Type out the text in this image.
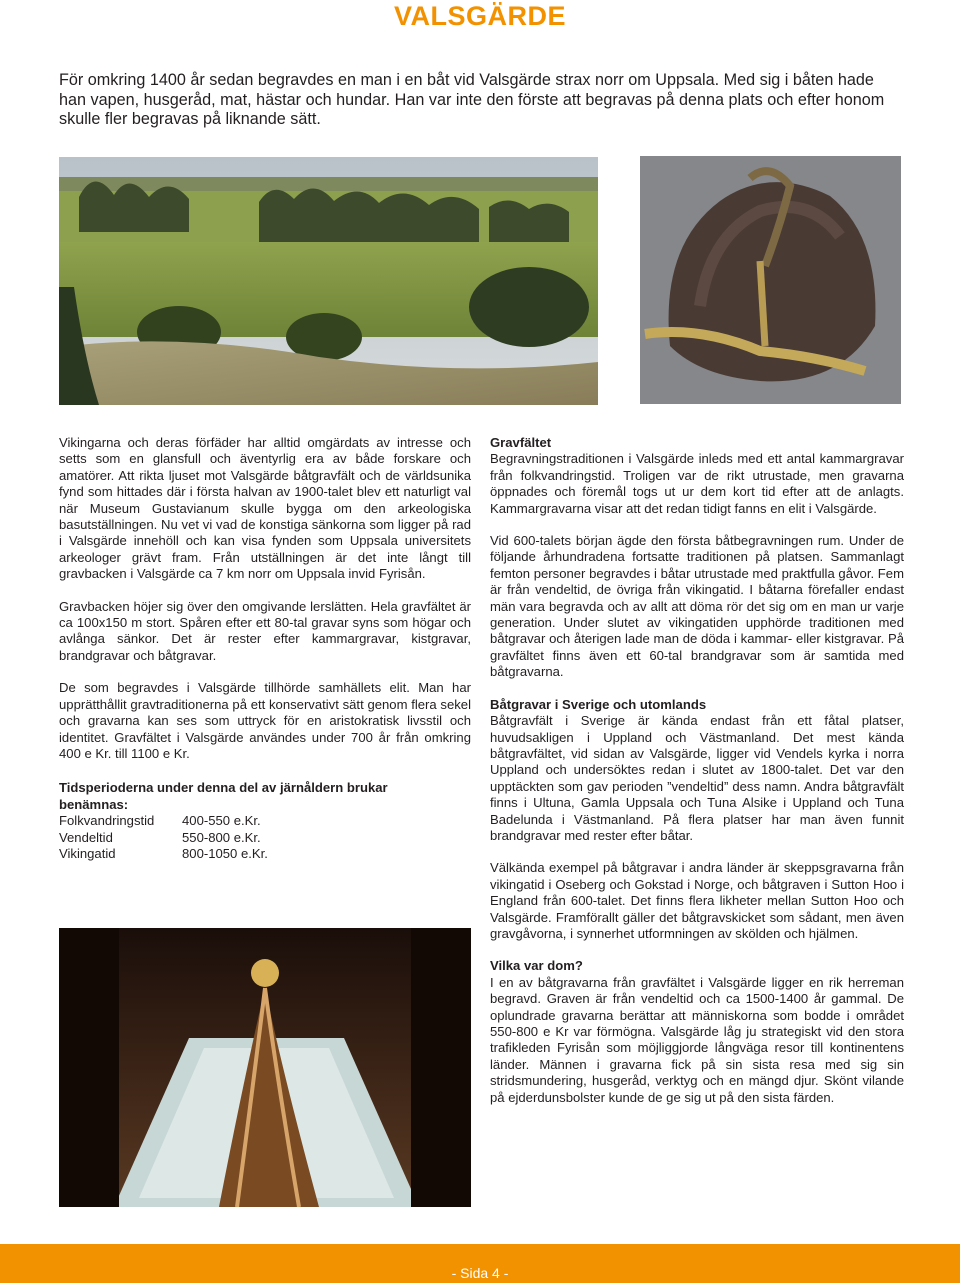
VALSGÄRDE

För omkring 1400 år sedan begravdes en man i en båt vid Valsgärde strax norr om Uppsala. Med sig i båten hade han vapen, husgeråd, mat, hästar och hundar. Han var inte den förste att begravas på denna plats och efter honom skulle fler begravas på liknande sätt.

Vikingarna och deras förfäder har alltid omgärdats av intresse och setts som en glansfull och äventyrlig era av både forskare och amatörer. Att rikta ljuset mot Valsgärde båtgravfält och de världsunika fynd som hittades där i första halvan av 1900-talet blev ett naturligt val när Museum Gustavianum skulle bygga om den arkeologiska basutställningen. Nu vet vi vad de konstiga sänkorna som ligger på rad i Valsgärde innehöll och kan visa fynden som Uppsala universitets arkeologer grävt fram. Från utställningen är det inte långt till gravbacken i Valsgärde ca 7 km norr om Uppsala invid Fyrisån.

Gravbacken höjer sig över den omgivande lerslätten. Hela gravfältet är ca 100x150 m stort. Spåren efter ett 80-tal gravar syns som högar och avlånga sänkor. Det är rester efter kammargravar, kistgravar, brandgravar och båtgravar.

De som begravdes i Valsgärde tillhörde samhällets elit. Man har upprätthållit gravtraditionerna på ett konservativt sätt genom flera sekel och gravarna kan ses som uttryck för en aristokratisk livsstil och identitet. Gravfältet i Valsgärde användes under 700 år från omkring 400 e Kr. till 1100 e Kr.

Tidsperioderna under denna del av järnåldern brukar benämnas:
Folkvandringstid	400-550 e.Kr.
Vendeltid	550-800 e.Kr.
Vikingatid	800-1050 e.Kr.
Gravfältet

Begravningstraditionen i Valsgärde inleds med ett antal kammargravar från folkvandringstid. Troligen var de rikt utrustade, men gravarna öppnades och föremål togs ut ur dem kort tid efter att de anlagts. Kammargravarna visar att det redan tidigt fanns en elit i Valsgärde.

Vid 600-talets början ägde den första båtbegravningen rum. Under de följande århundradena fortsatte traditionen på platsen. Sammanlagt femton personer begravdes i båtar utrustade med praktfulla gåvor. Fem är från vendeltid, de övriga från vikingatid. I båtarna förefaller endast män vara begravda och av allt att döma rör det sig om en man ur varje generation. Under slutet av vikingatiden upphörde traditionen med båtgravar och återigen lade man de döda i kammar- eller kistgravar. På gravfältet finns även ett 60-tal brandgravar som är samtida med båtgravarna.

Båtgravar i Sverige och utomlands

Båtgravfält i Sverige är kända endast från ett fåtal platser, huvudsakligen i Uppland och Västmanland. Det mest kända båtgravfältet, vid sidan av Valsgärde, ligger vid Vendels kyrka i norra Uppland och undersöktes redan i slutet av 1800-talet. Det var den upptäckten som gav perioden ”vendeltid” dess namn. Andra båtgravfält finns i Ultuna, Gamla Uppsala och Tuna Alsike i Uppland och Tuna Badelunda i Västmanland. På flera platser har man även funnit brandgravar med rester efter båtar.

Välkända exempel på båtgravar i andra länder är skeppsgravarna från vikingatid i Oseberg och Gokstad i Norge, och båtgraven i Sutton Hoo i England från 600-talet. Det finns flera likheter mellan Sutton Hoo och Valsgärde. Framförallt gäller det båtgravskicket som sådant, men även gravgåvorna, i synnerhet utformningen av skölden och hjälmen.

Vilka var dom?

I en av båtgravarna från gravfältet i Valsgärde ligger en rik herreman begravd. Graven är från vendeltid och ca 1500-1400 år gammal. De oplundrade gravarna berättar att människorna som bodde i området 550-800 e Kr var förmögna. Valsgärde låg ju strategiskt vid den stora trafikleden Fyrisån som möjliggjorde långväga resor till kontinentens länder. Männen i gravarna fick på sin sista resa med sig sin stridsmundering, husgeråd, verktyg och en mängd djur. Skönt vilande på ejderdunsbolster kunde de ge sig ut på den sista färden.

- Sida 4 -
